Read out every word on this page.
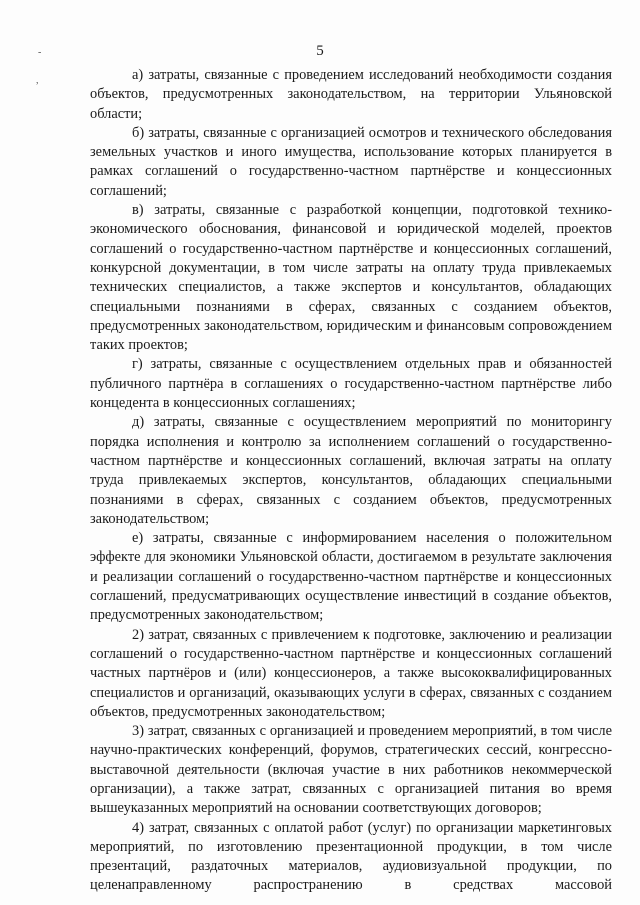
-
,
5

а) затраты, связанные с проведением исследований необходимости создания объектов, предусмотренных законодательством, на территории Ульяновской области;

б) затраты, связанные с организацией осмотров и технического обследования земельных участков и иного имущества, использование которых планируется в рамках соглашений о государственно-частном партнёрстве и концессионных соглашений;

в) затраты, связанные с разработкой концепции, подготовкой технико-экономического обоснования, финансовой и юридической моделей, проектов соглашений о государственно-частном партнёрстве и концессионных соглашений, конкурсной документации, в том числе затраты на оплату труда привлекаемых технических специалистов, а также экспертов и консультантов, обладающих специальными познаниями в сферах, связанных с созданием объектов, предусмотренных законодательством, юридическим и финансовым сопровождением таких проектов;

г) затраты, связанные с осуществлением отдельных прав и обязанностей публичного партнёра в соглашениях о государственно-частном партнёрстве либо концедента в концессионных соглашениях;

д) затраты, связанные с осуществлением мероприятий по мониторингу порядка исполнения и контролю за исполнением соглашений о государственно-частном партнёрстве и концессионных соглашений, включая затраты на оплату труда привлекаемых экспертов, консультантов, обладающих специальными познаниями в сферах, связанных с созданием объектов, предусмотренных законодательством;

е) затраты, связанные с информированием населения о положительном эффекте для экономики Ульяновской области, достигаемом в результате заключения и реализации соглашений о государственно-частном партнёрстве и концессионных соглашений, предусматривающих осуществление инвестиций в создание объектов, предусмотренных законодательством;

2) затрат, связанных с привлечением к подготовке, заключению и реализации соглашений о государственно-частном партнёрстве и концессионных соглашений частных партнёров и (или) концессионеров, а также высококвалифицированных специалистов и организаций, оказывающих услуги в сферах, связанных с созданием объектов, предусмотренных законодательством;

3) затрат, связанных с организацией и проведением мероприятий, в том числе научно-практических конференций, форумов, стратегических сессий, конгрессно-выставочной деятельности (включая участие в них работников некоммерческой организации), а также затрат, связанных с организацией питания во время вышеуказанных мероприятий на основании соответствующих договоров;

4) затрат, связанных с оплатой работ (услуг) по организации маркетинговых мероприятий, по изготовлению презентационной продукции, в том числе презентаций, раздаточных материалов, аудиовизуальной продукции, по целенаправленному распространению в средствах массовой
